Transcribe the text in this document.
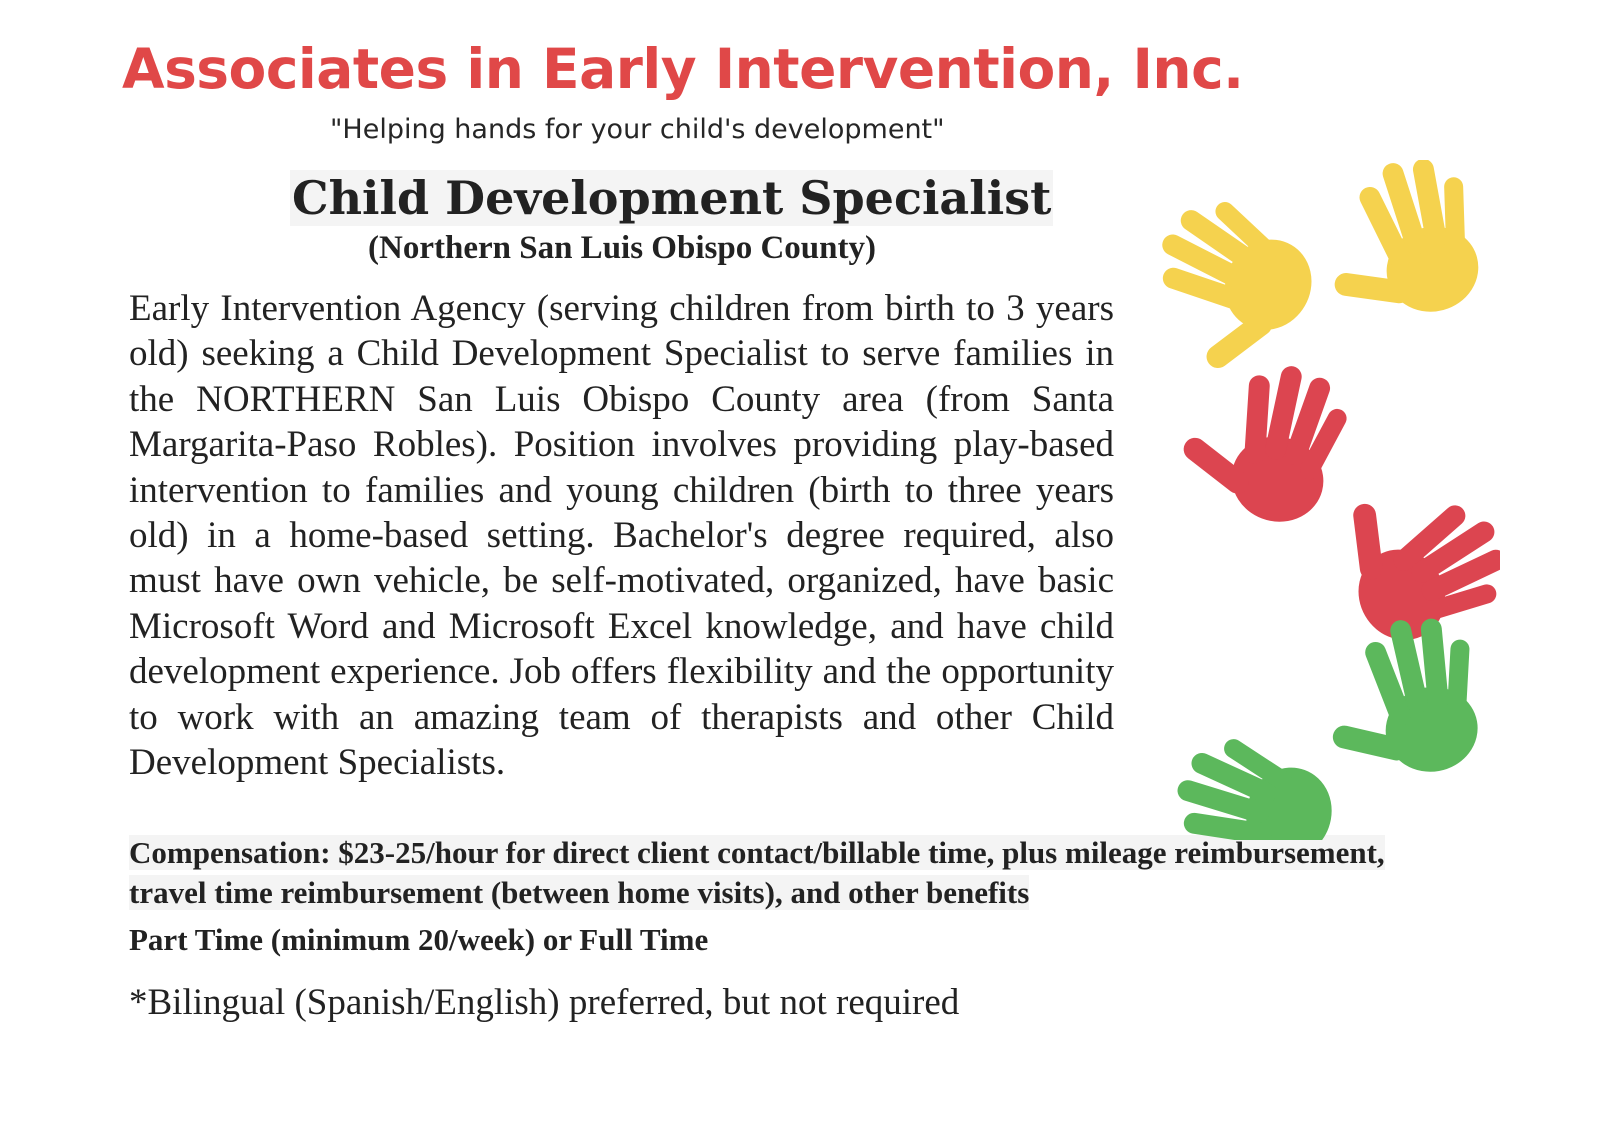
Associates in Early Intervention, Inc.
"Helping hands for your child's development"
Child Development Specialist
(Northern San Luis Obispo County)

Early Intervention Agency (serving children from birth to 3 years old) seeking a Child Development Specialist to serve families in the NORTHERN San Luis Obispo County area (from Santa Margarita-Paso Robles). Position involves providing play-based intervention to families and young children (birth to three years old) in a home-based setting. Bachelor's degree required, also must have own vehicle, be self-motivated, organized, have basic Microsoft Word and Microsoft Excel knowledge, and have child development experience. Job offers flexibility and the opportunity to work with an amazing team of therapists and other Child Development Specialists.

Compensation: $23-25/hour for direct client contact/billable time, plus mileage reimbursement, travel time reimbursement (between home visits), and other benefits

Part Time (minimum 20/week) or Full Time

*Bilingual (Spanish/English) preferred, but not required
